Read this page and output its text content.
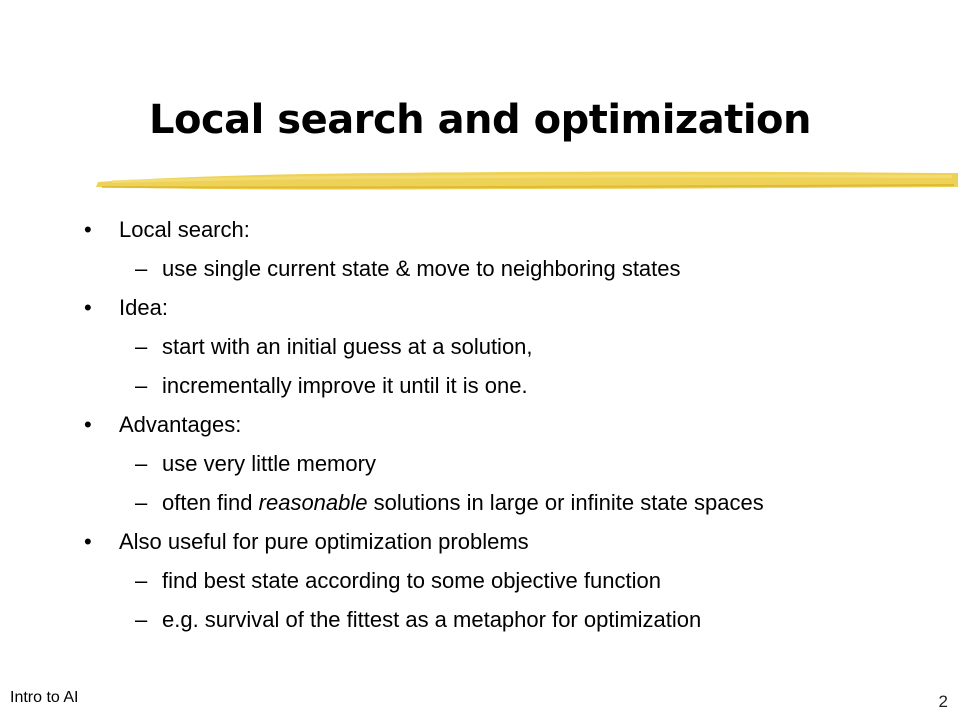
Local search and optimization
• Local search:
– use single current state & move to neighboring states
• Idea:
– start with an initial guess at a solution,
– incrementally improve it until it is one.
• Advantages:
– use very little memory
– often find reasonable solutions in large or infinite state spaces
• Also useful for pure optimization problems
– find best state according to some objective function
– e.g. survival of the fittest as a metaphor for optimization
Intro to AI	2
